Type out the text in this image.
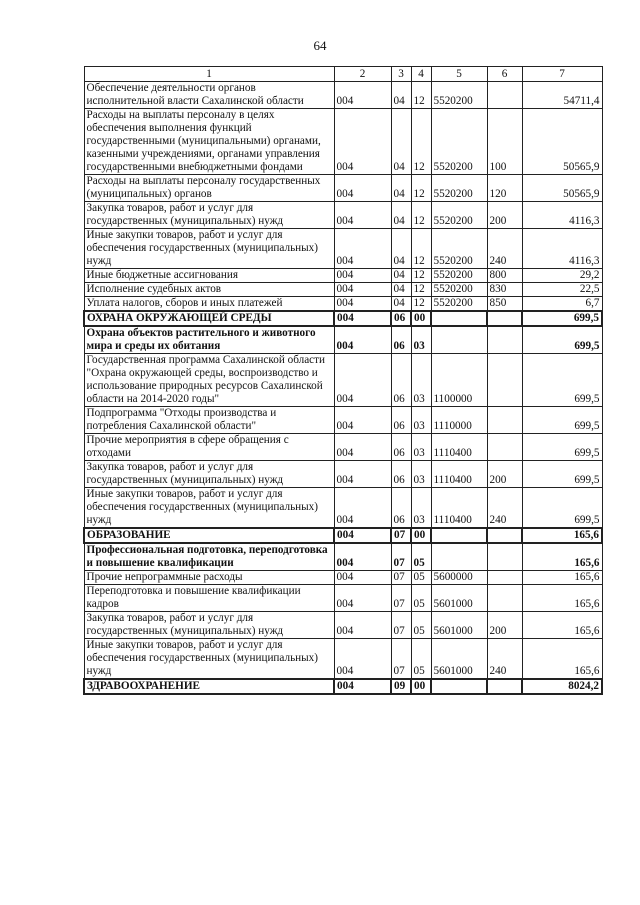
64
1	2	3	4	5	6	7
Обеспечение деятельности органов исполнительной власти Сахалинской области	004	04	12	5520200		54711,4
Расходы на выплаты персоналу в целях обеспечения выполнения функций государственными (муниципальными) органами, казенными учреждениями, органами управления государственными внебюджетными фондами	004	04	12	5520200	100	50565,9
Расходы на выплаты персоналу государственных (муниципальных) органов	004	04	12	5520200	120	50565,9
Закупка товаров, работ и услуг для государственных (муниципальных) нужд	004	04	12	5520200	200	4116,3
Иные закупки товаров, работ и услуг для обеспечения государственных (муниципальных) нужд	004	04	12	5520200	240	4116,3
Иные бюджетные ассигнования	004	04	12	5520200	800	29,2
Исполнение судебных актов	004	04	12	5520200	830	22,5
Уплата налогов, сборов и иных платежей	004	04	12	5520200	850	6,7
ОХРАНА ОКРУЖАЮЩЕЙ СРЕДЫ	004	06	00			699,5
Охрана объектов растительного и животного мира и среды их обитания	004	06	03			699,5
Государственная программа Сахалинской области "Охрана окружающей среды, воспроизводство и использование природных ресурсов Сахалинской области на 2014-2020 годы"	004	06	03	1100000		699,5
Подпрограмма "Отходы производства и потребления Сахалинской области"	004	06	03	1110000		699,5
Прочие мероприятия в сфере обращения с отходами	004	06	03	1110400		699,5
Закупка товаров, работ и услуг для государственных (муниципальных) нужд	004	06	03	1110400	200	699,5
Иные закупки товаров, работ и услуг для обеспечения государственных (муниципальных) нужд	004	06	03	1110400	240	699,5
ОБРАЗОВАНИЕ	004	07	00			165,6
Профессиональная подготовка, переподготовка и повышение квалификации	004	07	05			165,6
Прочие непрограммные расходы	004	07	05	5600000		165,6
Переподготовка и повышение квалификации кадров	004	07	05	5601000		165,6
Закупка товаров, работ и услуг для государственных (муниципальных) нужд	004	07	05	5601000	200	165,6
Иные закупки товаров, работ и услуг для обеспечения государственных (муниципальных) нужд	004	07	05	5601000	240	165,6
ЗДРАВООХРАНЕНИЕ	004	09	00			8024,2
